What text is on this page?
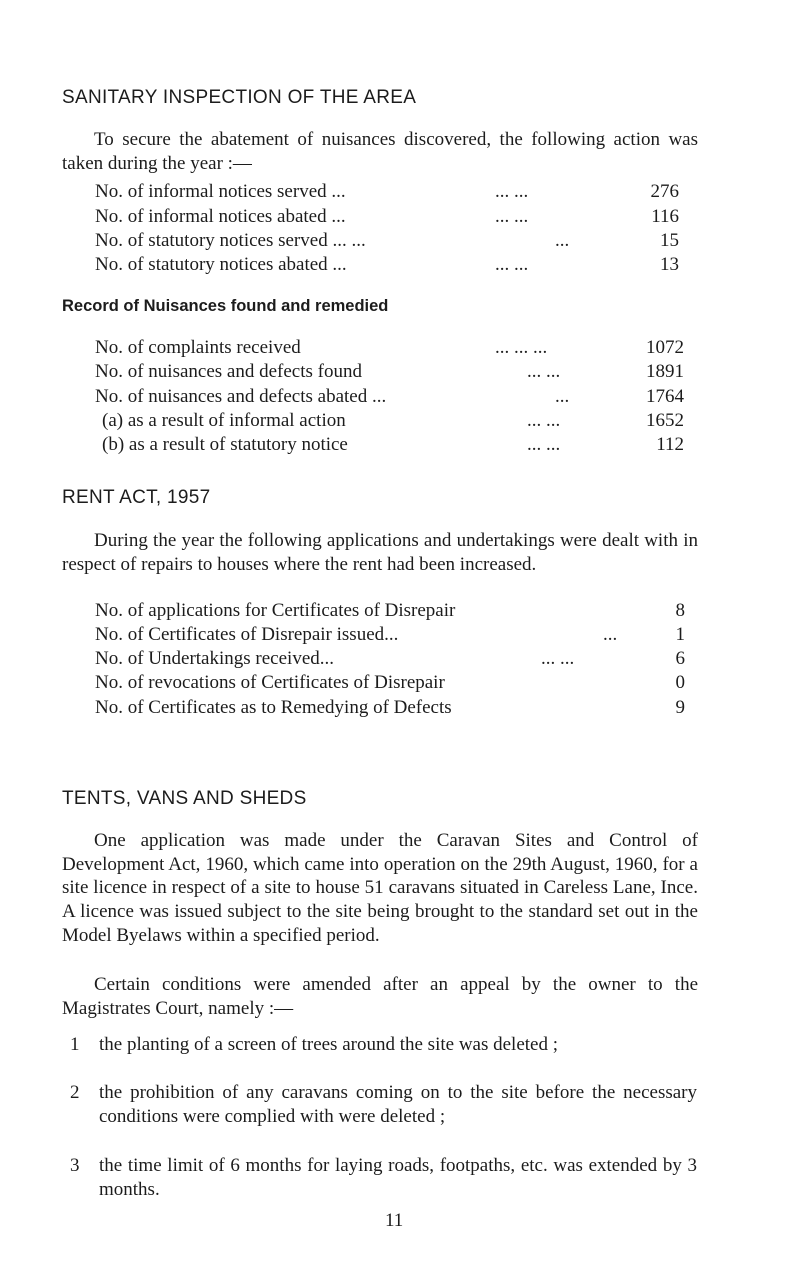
SANITARY INSPECTION OF THE AREA
To secure the abatement of nuisances discovered, the following action was taken during the year :—
No. of informal notices served ...	... ...	276
No. of informal notices abated ...	... ...	116
No. of statutory notices served ... ...	...	15
No. of statutory notices abated ...	... ...	13
Record of Nuisances found and remedied
No. of complaints received	... ... ...	1072
No. of nuisances and defects found	... ...	1891
No. of nuisances and defects abated ...	...	1764
(a) as a result of informal action	... ...	1652
(b) as a result of statutory notice	... ...	112
RENT ACT, 1957
During the year the following applications and undertakings were dealt with in respect of repairs to houses where the rent had been increased.
No. of applications for Certificates of Disrepair	8
No. of Certificates of Disrepair issued...	...	1
No. of Undertakings received...	... ...	6
No. of revocations of Certificates of Disrepair	0
No. of Certificates as to Remedying of Defects	9
TENTS, VANS AND SHEDS
One application was made under the Caravan Sites and Control of Development Act, 1960, which came into operation on the 29th August, 1960, for a site licence in respect of a site to house 51 caravans situated in Careless Lane, Ince. A licence was issued subject to the site being brought to the standard set out in the Model Byelaws within a specified period.
Certain conditions were amended after an appeal by the owner to the Magistrates Court, namely :—
1 the planting of a screen of trees around the site was deleted ;
2 the prohibition of any caravans coming on to the site before the necessary conditions were complied with were deleted ;
3 the time limit of 6 months for laying roads, footpaths, etc. was extended by 3 months.
11
